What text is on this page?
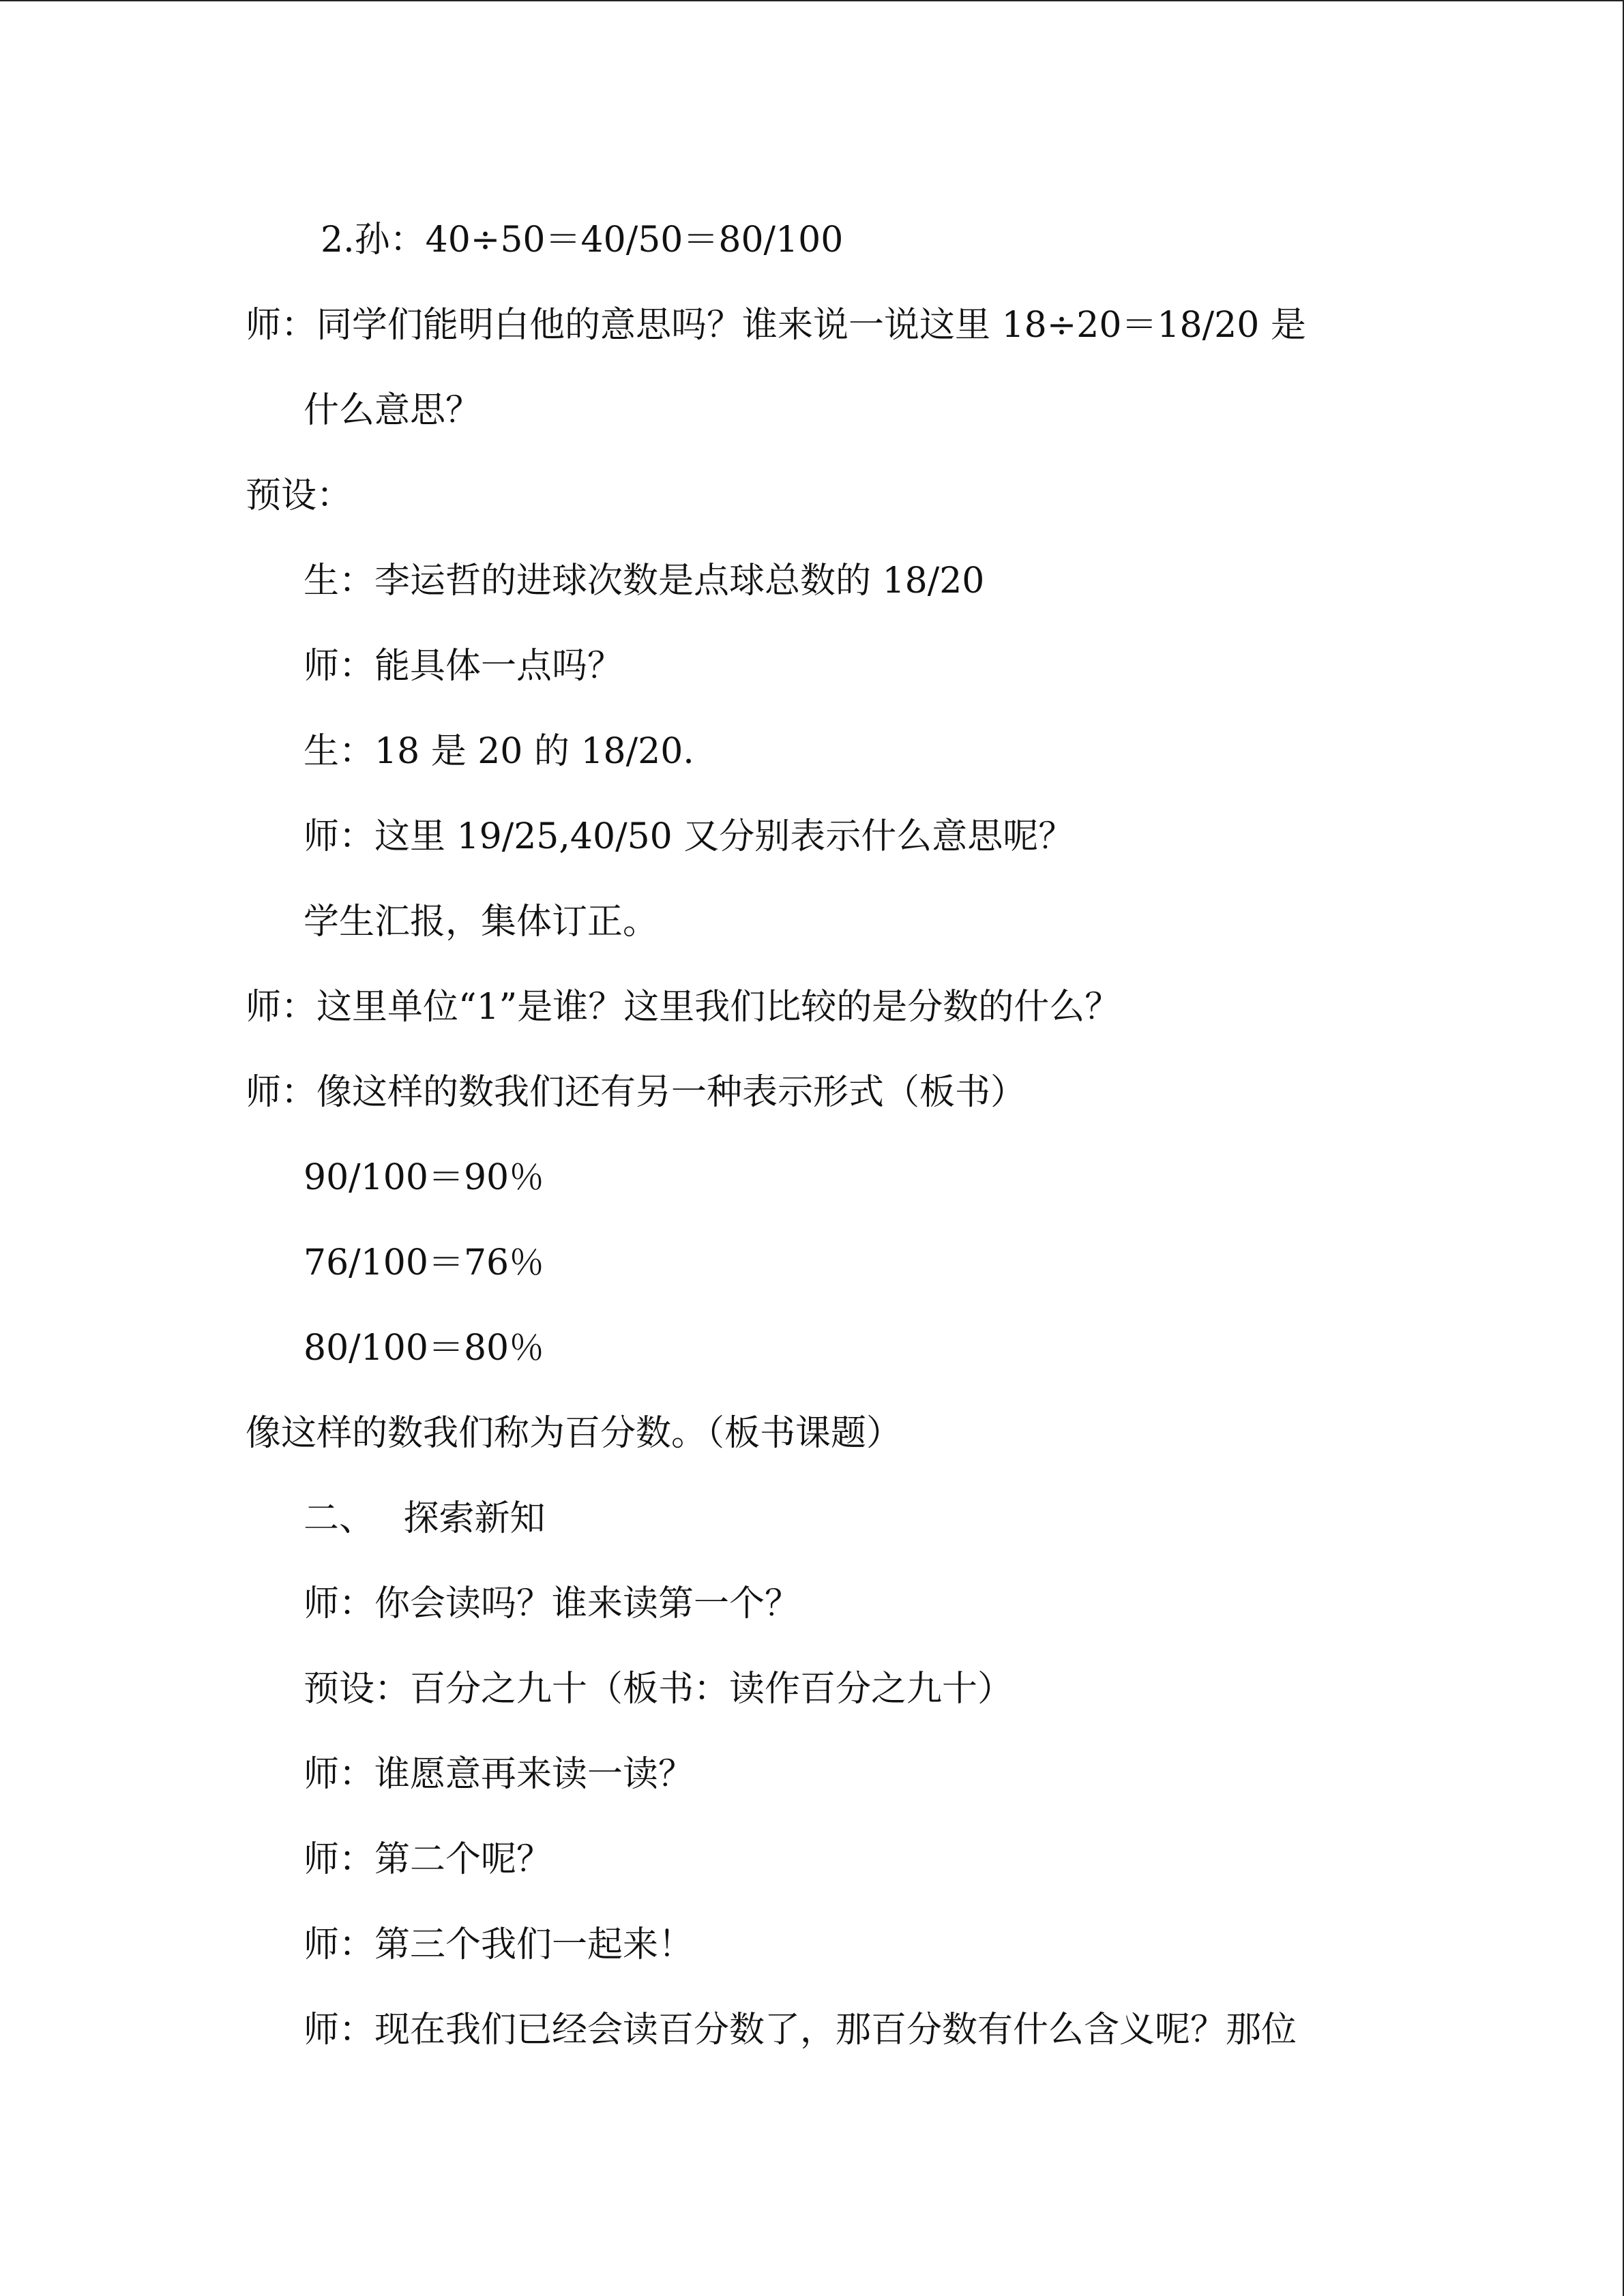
2.孙：40÷50＝40/50＝80/100
师：同学们能明白他的意思吗？谁来说一说这里 18÷20＝18/20 是
什么意思？
预设：
生：李运哲的进球次数是点球总数的 18/20
师：能具体一点吗？
生：18 是 20 的 18/20.
师：这里 19/25,40/50 又分别表示什么意思呢？
学生汇报，集体订正。
师：这里单位“1”是谁？这里我们比较的是分数的什么？
师：像这样的数我们还有另一种表示形式（板书）
90/100＝90％
76/100＝76％
80/100＝80％
像这样的数我们称为百分数。（板书课题）
二、　 探索新知
师：你会读吗？谁来读第一个？
预设：百分之九十（板书：读作百分之九十）
师：谁愿意再来读一读？
师：第二个呢？
师：第三个我们一起来！
师：现在我们已经会读百分数了，那百分数有什么含义呢？那位
